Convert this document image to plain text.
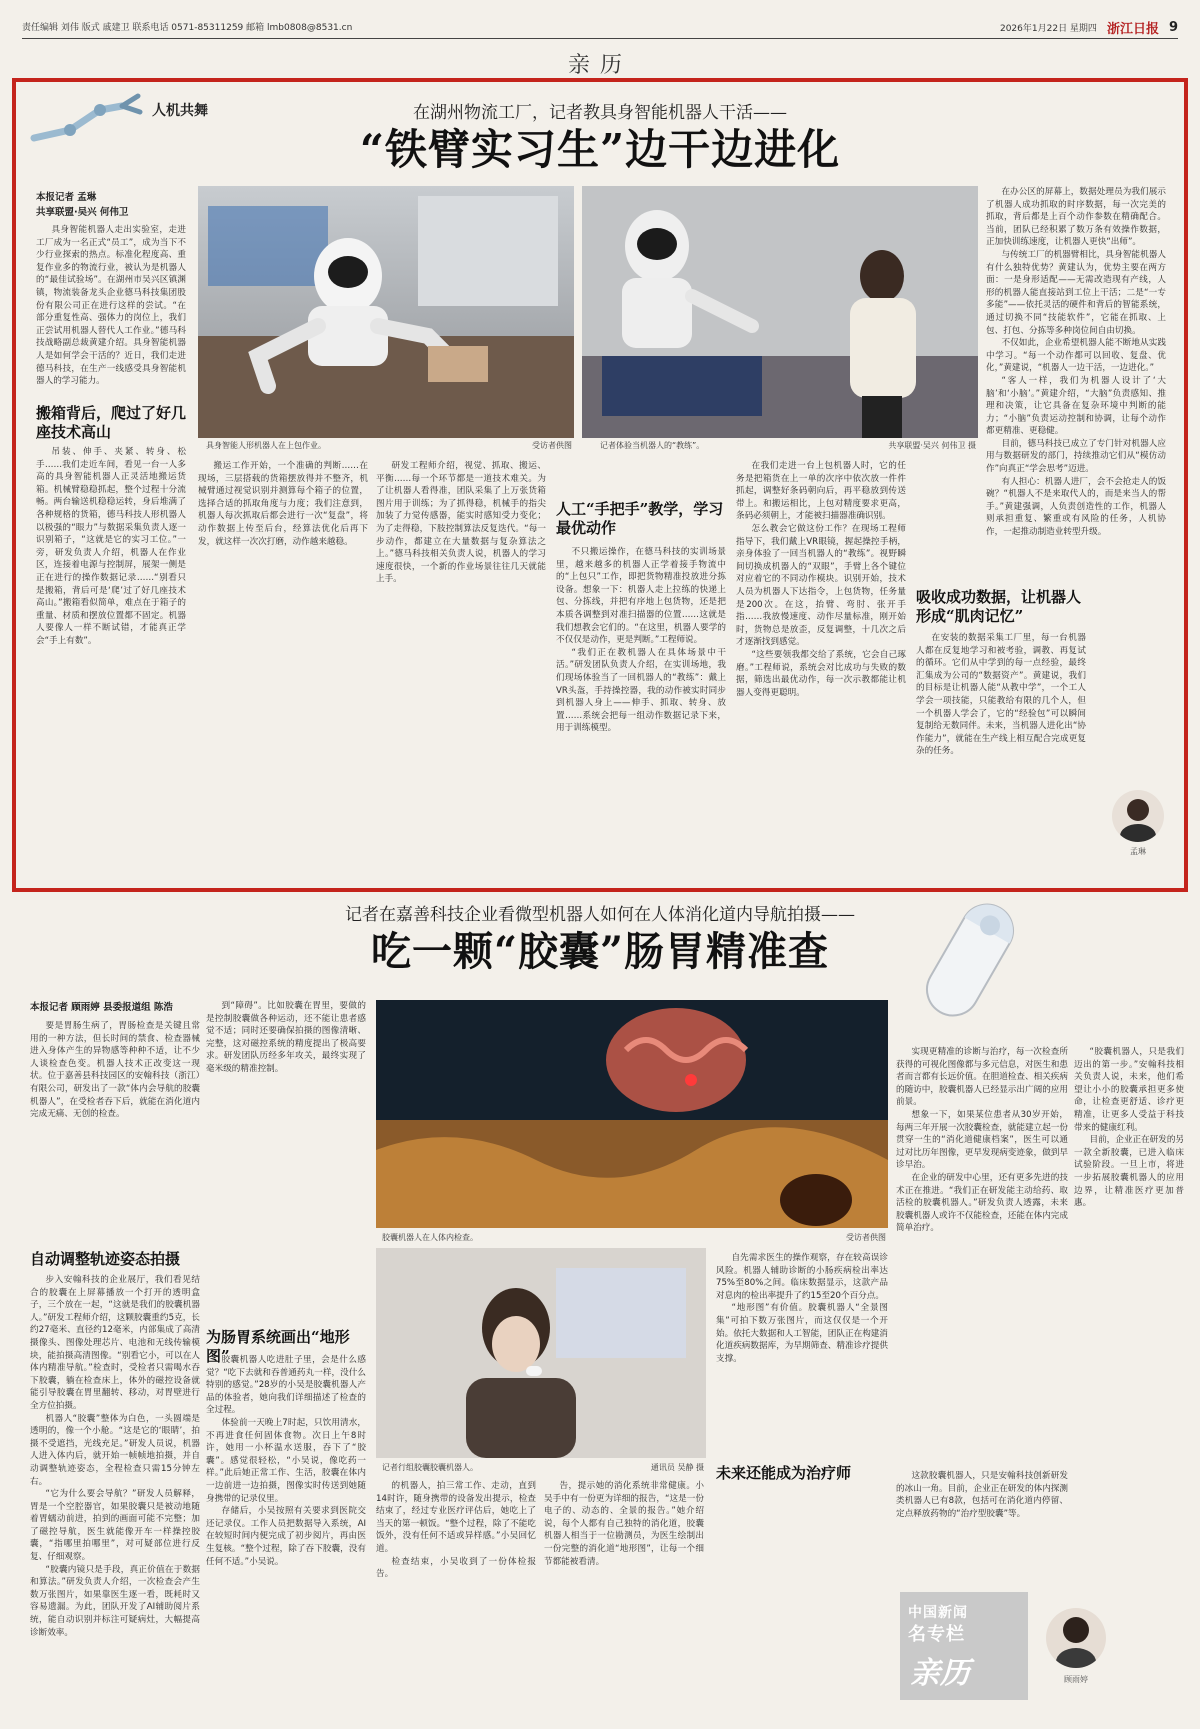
责任编辑 刘伟 版式 戚建卫 联系电话 0571-85311259 邮箱 lmb0808@8531.cn	2026年1月22日 星期四 浙江日报 9
亲历
人机共舞	在湖州物流工厂，记者教具身智能机器人干活——
“铁臂实习生”边干边进化
具身智能人形机器人在上包作业。	受访者供图	记者体验当机器人的“教练”。	共享联盟·吴兴 何伟卫 摄
本报记者 孟琳
共享联盟·吴兴 何伟卫

具身智能机器人走出实验室，走进工厂成为一名正式“员工”，成为当下不少行业探索的热点。标准化程度高、重复作业多的物流行业，被认为是机器人的“最佳试验场”。在湖州市吴兴区镇渊镇，物流装备龙头企业德马科技集团股份有限公司正在进行这样的尝试。“在部分重复性高、强体力的岗位上，我们正尝试用机器人替代人工作业。”德马科技战略副总裁黄建介绍。具身智能机器人是如何学会干活的？近日，我们走进德马科技，在生产一线感受具身智能机器人的学习能力。

搬箱背后，爬过了好几座技术高山

吊装、伸手、夹紧、转身、松手……我们走近车间，看见一台一人多高的具身智能机器人正灵活地搬运货箱。机械臂稳稳抓起，整个过程十分流畅。两台输送机稳稳运转，身后堆满了各种规格的货箱，德马科技人形机器人以极强的“眼力”与数据采集负责人逐一识别箱子，“这就是它的实习工位。”一旁，研发负责人介绍，机器人在作业区，连接着电源与控制屏，展架一侧是正在进行的操作数据记录……“别看只是搬箱，背后可是‘爬’过了好几座技术高山。”搬箱看似简单，难点在于箱子的重量、材质和摆放位置都不固定。机器人要像人一样不断试错，才能真正学会“手上有数”。

搬运工作开始，一个准确的判断……在现场，三层搭载的货箱摆放得并不整齐，机械臂通过视觉识别并测算每个箱子的位置，选择合适的抓取角度与力度；我们注意到，机器人每次抓取后都会进行一次“复盘”，将动作数据上传至后台，经算法优化后再下发，就这样一次次打磨，动作越来越稳。

研发工程师介绍，视觉、抓取、搬运、平衡……每一个环节都是一道技术难关。为了让机器人看得准，团队采集了上万张货箱图片用于训练；为了抓得稳，机械手的指尖加装了力觉传感器，能实时感知受力变化；为了走得稳，下肢控制算法反复迭代。“每一步动作，都建立在大量数据与复杂算法之上。”德马科技相关负责人说，机器人的学习速度很快，一个新的作业场景往往几天就能上手。

人工“手把手”教学，学习最优动作

不只搬运操作，在德马科技的实训场景里，越来越多的机器人正学着接手物流中的“上包只”工作，即把货物精准投放进分拣设备。想象一下：机器人走上拉练的快递上包、分拣线，并把有序地上包货物，还是把本质各调整到对准扫描器的位置……这就是我们想教会它们的。“在这里，机器人要学的不仅仅是动作，更是判断。”工程师说。

“我们正在教机器人在具体场景中干活。”研发团队负责人介绍，在实训场地，我们现场体验当了一回机器人的“教练”：戴上VR头盔，手持操控器，我的动作被实时同步到机器人身上——伸手、抓取、转身、放置……系统会把每一组动作数据记录下来，用于训练模型。

在我们走进一台上包机器人时，它的任务是把箱货在上一单的次序中依次放一件件抓起，调整好条码朝向后，再平稳放到传送带上。和搬运相比，上包对精度要求更高，条码必须朝上，才能被扫描器准确识别。

怎么教会它做这份工作？在现场工程师指导下，我们戴上VR眼镜，握起操控手柄，亲身体验了一回当机器人的“教练”。视野瞬间切换成机器人的“双眼”，手臂上各个键位对应着它的不同动作模块。识别开始，技术人员为机器人下达指令，上包货物，任务量是200次。在这，抬臂、弯肘、张开手指……我放慢速度、动作尽量标准，刚开始时，货物总是放歪，反复调整，十几次之后才逐渐找到感觉。

“这些要领我都交给了系统，它会自己琢磨。”工程师说，系统会对比成功与失败的数据，筛选出最优动作，每一次示教都能让机器人变得更聪明。

吸收成功数据，让机器人形成“肌肉记忆”

在安装的数据采集工厂里，每一台机器人都在反复地学习和被考验，调教、再复试的循环。它们从中学到的每一点经验，最终汇集成为公司的“数据资产”。黄建说，我们的目标是让机器人能“从教中学”，一个工人学会一项技能，只能教给有限的几个人，但一个机器人学会了，它的“经验包”可以瞬间复制给无数同伴。未来，当机器人进化出“协作能力”，就能在生产线上相互配合完成更复杂的任务。

在办公区的屏幕上，数据处理员为我们展示了机器人成功抓取的时序数据，每一次完美的抓取，背后都是上百个动作参数在精确配合。当前，团队已经积累了数万条有效操作数据，正加快训练速度，让机器人更快“出师”。

与传统工厂的机器臂相比，具身智能机器人有什么独特优势？黄建认为，优势主要在两方面：一是身形适配——无需改造现有产线，人形的机器人能直接站到工位上干活；二是“一专多能”——依托灵活的硬件和背后的智能系统，通过切换不同“技能软件”，它能在抓取、上包、打包、分拣等多种岗位间自由切换。

不仅如此，企业希望机器人能不断地从实践中学习。“每一个动作都可以回收、复盘、优化，”黄建说，“机器人一边干活，一边进化。”

“客人一样，我们为机器人设计了‘大脑’和‘小脑’。”黄建介绍，“大脑”负责感知、推理和决策，让它具备在复杂环境中判断的能力；“小脑”负责运动控制和协调，让每个动作都更精准、更稳健。

目前，德马科技已成立了专门针对机器人应用与数据研发的部门，持续推动它们从“模仿动作”向真正“学会思考”迈进。

有人担心：机器人进厂，会不会抢走人的饭碗？“机器人不是来取代人的，而是来当人的帮手。”黄建强调，人负责创造性的工作，机器人则承担重复、繁重或有风险的任务，人机协作，一起推动制造业转型升级。

孟琳
记者在嘉善科技企业看微型机器人如何在人体消化道内导航拍摄——
吃一颗“胶囊”肠胃精准查
本报记者 顾雨婷 县委报道组 陈浩

要是胃肠生病了，胃肠检查是关键且常用的一种方法，但长时间的禁食、检查器械进入身体产生的异物感等种种不适，让不少人谈检查色变。机器人技术正改变这一现状。位于嘉善县科技园区的安翰科技（浙江）有限公司，研发出了一款“体内会导航的胶囊机器人”，在受检者吞下后，就能在消化道内完成无痛、无创的检查。

自动调整轨迹姿态拍摄

步入安翰科技的企业展厅，我们看见结合的胶囊在上屏幕播放一个打开的透明盒子，三个放在一起，“这就是我们的胶囊机器人。”研发工程师介绍，这颗胶囊重约5克，长约27毫米、直径约12毫米，内部集成了高清摄像头、图像处理芯片、电池和无线传输模块，能拍摄高清图像。“别看它小，可以在人体内精准导航。”检查时，受检者只需喝水吞下胶囊，躺在检查床上，体外的磁控设备就能引导胶囊在胃里翻转、移动，对胃壁进行全方位拍摄。

机器人“胶囊”整体为白色，一头圆端是透明的，像一个小舱。“这是它的‘眼睛’，拍摄不受遮挡，光线充足。”研发人员说，机器人进入体内后，就开始一帧帧地拍摄，并自动调整轨迹姿态，全程检查只需15分钟左右。

“它为什么要会导航？”研发人员解释，胃是一个空腔器官，如果胶囊只是被动地随着胃蠕动前进，拍到的画面可能不完整；加了磁控导航，医生就能像开车一样操控胶囊，“指哪里拍哪里”，对可疑部位进行反复、仔细观察。

“胶囊内镜只是手段，真正价值在于数据和算法。”研发负责人介绍，一次检查会产生数万张图片，如果靠医生逐一看，既耗时又容易遗漏。为此，团队开发了AI辅助阅片系统，能自动识别并标注可疑病灶，大幅提高诊断效率。

到“障碍”。比如胶囊在胃里，要做的是控制胶囊做各种运动，还不能让患者感觉不适；同时还要确保拍摄的图像清晰、完整，这对磁控系统的精度提出了极高要求。研发团队历经多年攻关，最终实现了毫米级的精准控制。

为肠胃系统画出“地形图”

胶囊机器人吃进肚子里，会是什么感觉？“吃下去就和吞普通药丸一样，没什么特别的感觉。”28岁的小吴是胶囊机器人产品的体验者，她向我们详细描述了检查的全过程。

体验前一天晚上7时起，只饮用清水，不再进食任何固体食物。次日上午8时许，她用一小杯温水送服，吞下了“胶囊”。感觉很轻松，“小吴说，像吃药一样。”此后她正常工作、生活，胶囊在体内一边前进一边拍摄，图像实时传送到她随身携带的记录仪里。

存储后，小吴按照有关要求到医院交还记录仪。工作人员把数据导入系统，AI在较短时间内便完成了初步阅片，再由医生复核。“整个过程，除了吞下胶囊，没有任何不适。”小吴说。

胶囊机器人在人体内检查。	受访者供图
记者行组胶囊胶囊机器人。	通讯员 吴静 摄

的机器人，拍三常工作、走动，直到14时许，随身携带的设备发出提示，检查结束了，经过专业医疗评估后，她吃上了当天的第一顿饭。“整个过程，除了不能吃饭外，没有任何不适或异样感。”小吴回忆道。

检查结束，小吴收到了一份体检报告。

告，提示她的消化系统非常健康。小吴手中有一份更为详细的报告，“这是一份电子的、动态的、全景的报告。”她介绍说，每个人都有自己独特的消化道，胶囊机器人相当于一位勘测员，为医生绘制出一份完整的消化道“地形图”，让每一个细节都能被看清。

自先需求医生的操作观察，存在较高误诊风险。机器人辅助诊断的小肠疾病检出率达75%至80%之间。临床数据显示，这款产品对息肉的检出率提升了约15至20个百分点。

“地形图”有价值。胶囊机器人“全景图集”可拍下数万张图片，而这仅仅是一个开始。依托大数据和人工智能，团队正在构建消化道疾病数据库，为早期筛查、精准诊疗提供支撑。

未来还能成为治疗师

实现更精准的诊断与治疗，每一次检查所获得的可视化图像都与多元信息，对医生和患者而言都有长远价值。在胆道检查、相关疾病的随访中，胶囊机器人已经显示出广阔的应用前景。

想象一下，如果某位患者从30岁开始，每两三年开展一次胶囊检查，就能建立起一份贯穿一生的“消化道健康档案”，医生可以通过对比历年图像，更早发现病变迹象，做到早诊早治。

在企业的研发中心里，还有更多先进的技术正在推进。“我们正在研发能主动给药、取活检的胶囊机器人。”研发负责人透露，未来胶囊机器人或许不仅能检查，还能在体内完成简单治疗。

这款胶囊机器人，只是安翰科技创新研发的冰山一角。目前，企业正在研发的体内探测类机器人已有8款，包括可在消化道内停留、定点释放药物的“治疗型胶囊”等。

“胶囊机器人，只是我们迈出的第一步。”安翰科技相关负责人说，未来，他们希望让小小的胶囊承担更多使命，让检查更舒适、诊疗更精准，让更多人受益于科技带来的健康红利。

目前，企业正在研发的另一款全新胶囊，已进入临床试验阶段。一旦上市，将进一步拓展胶囊机器人的应用边界，让精准医疗更加普惠。

中国新闻
名专栏
亲历	顾雨婷
